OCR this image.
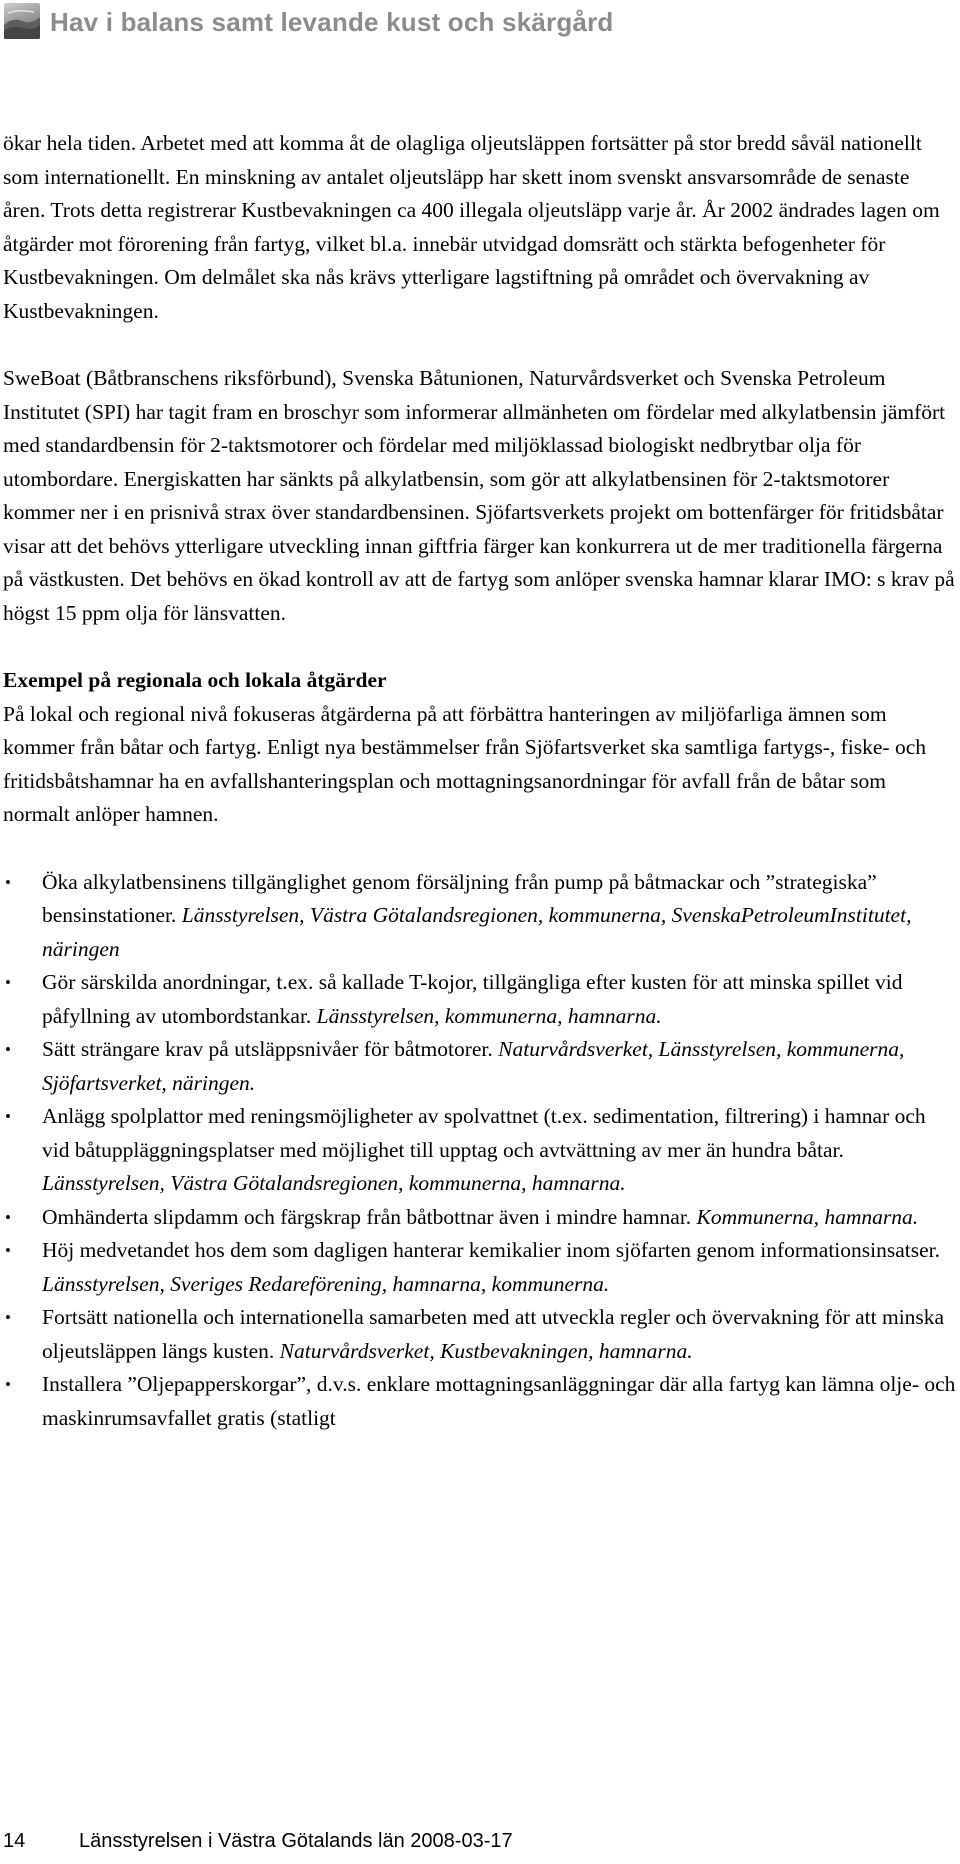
Hav i balans samt levande kust och skärgård

ökar hela tiden. Arbetet med att komma åt de olagliga oljeutsläppen fortsätter på stor bredd såväl nationellt som internationellt. En minskning av antalet oljeutsläpp har skett inom svenskt ansvarsområde de senaste åren. Trots detta registrerar Kustbevakningen ca 400 illegala oljeutsläpp varje år. År 2002 ändrades lagen om åtgärder mot förorening från fartyg, vilket bl.a. innebär utvidgad domsrätt och stärkta befogenheter för Kustbevakningen. Om delmålet ska nås krävs ytterligare lagstiftning på området och övervakning av Kustbevakningen.

SweBoat (Båtbranschens riksförbund), Svenska Båtunionen, Naturvårdsverket och Svenska Petroleum Institutet (SPI) har tagit fram en broschyr som informerar allmänheten om fördelar med alkylatbensin jämfört med standardbensin för 2-taktsmotorer och fördelar med miljöklassad biologiskt nedbrytbar olja för utombordare. Energiskatten har sänkts på alkylatbensin, som gör att alkylatbensinen för 2-taktsmotorer kommer ner i en prisnivå strax över standardbensinen. Sjöfartsverkets projekt om bottenfärger för fritidsbåtar visar att det behövs ytterligare utveckling innan giftfria färger kan konkurrera ut de mer traditionella färgerna på västkusten. Det behövs en ökad kontroll av att de fartyg som anlöper svenska hamnar klarar IMO: s krav på högst 15 ppm olja för länsvatten.

Exempel på regionala och lokala åtgärder

På lokal och regional nivå fokuseras åtgärderna på att förbättra hanteringen av miljöfarliga ämnen som kommer från båtar och fartyg. Enligt nya bestämmelser från Sjöfartsverket ska samtliga fartygs-, fiske- och fritidsbåtshamnar ha en avfallshanteringsplan och mottagningsanordningar för avfall från de båtar som normalt anlöper hamnen.

• Öka alkylatbensinens tillgänglighet genom försäljning från pump på båtmackar och ”strategiska” bensinstationer. Länsstyrelsen, Västra Götalandsregionen, kommunerna, SvenskaPetroleumInstitutet, näringen
• Gör särskilda anordningar, t.ex. så kallade T-kojor, tillgängliga efter kusten för att minska spillet vid påfyllning av utombordstankar. Länsstyrelsen, kommunerna, hamnarna.
• Sätt strängare krav på utsläppsnivåer för båtmotorer. Naturvårdsverket, Länsstyrelsen, kommunerna, Sjöfartsverket, näringen.
• Anlägg spolplattor med reningsmöjligheter av spolvattnet (t.ex. sedimentation, filtrering) i hamnar och vid båtuppläggningsplatser med möjlighet till upptag och avtvättning av mer än hundra båtar. Länsstyrelsen, Västra Götalandsregionen, kommunerna, hamnarna.
• Omhänderta slipdamm och färgskrap från båtbottnar även i mindre hamnar. Kommunerna, hamnarna.
• Höj medvetandet hos dem som dagligen hanterar kemikalier inom sjöfarten genom informationsinsatser. Länsstyrelsen, Sveriges Redareförening, hamnarna, kommunerna.
• Fortsätt nationella och internationella samarbeten med att utveckla regler och övervakning för att minska oljeutsläppen längs kusten. Naturvårdsverket, Kustbevakningen, hamnarna.
• Installera ”Oljepapperskorgar”, d.v.s. enklare mottagningsanläggningar där alla fartyg kan lämna olje- och maskinrumsavfallet gratis (statligt
14	Länsstyrelsen i Västra Götalands län 2008-03-17
